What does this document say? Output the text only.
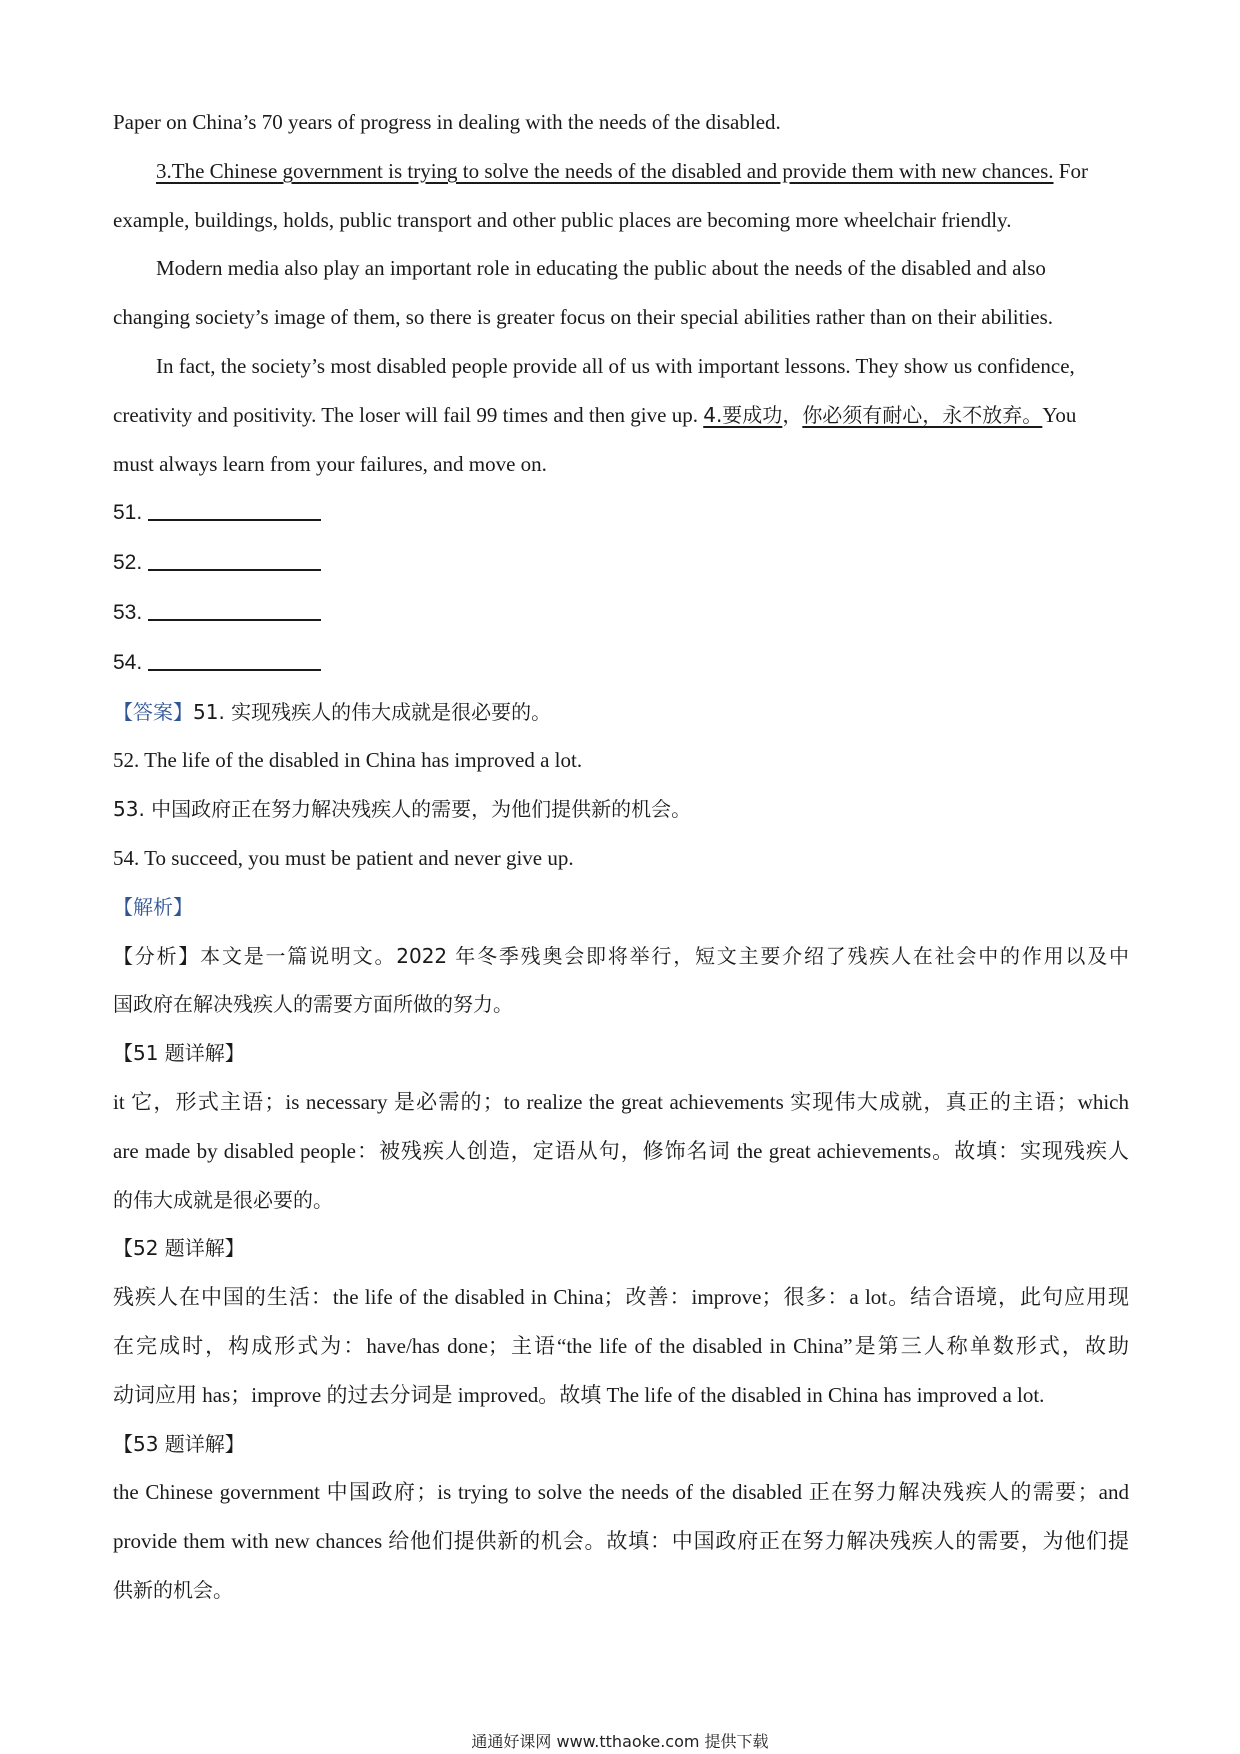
Paper on China’s 70 years of progress in dealing with the needs of the disabled.

3.The Chinese government is trying to solve the needs of the disabled and provide them with new chances. For

example, buildings, holds, public transport and other public places are becoming more wheelchair friendly.

Modern media also play an important role in educating the public about the needs of the disabled and also

changing society’s image of them, so there is greater focus on their special abilities rather than on their abilities.

In fact, the society’s most disabled people provide all of us with important lessons. They show us confidence,

creativity and positivity. The loser will fail 99 times and then give up. 4.要成功，你必须有耐心，永不放弃。You

must always learn from your failures, and move on.

51.

52.

53.

54.

【答案】51. 实现残疾人的伟大成就是很必要的。

52. The life of the disabled in China has improved a lot.

53. 中国政府正在努力解决残疾人的需要，为他们提供新的机会。

54. To succeed, you must be patient and never give up.

【解析】

【分析】本文是一篇说明文。2022 年冬季残奥会即将举行，短文主要介绍了残疾人在社会中的作用以及中

国政府在解决残疾人的需要方面所做的努力。

【51 题详解】

it 它，形式主语；is necessary 是必需的；to realize the great achievements 实现伟大成就，真正的主语；which

are made by disabled people：被残疾人创造，定语从句，修饰名词 the great achievements。故填：实现残疾人

的伟大成就是很必要的。

【52 题详解】

残疾人在中国的生活：the life of the disabled in China；改善：improve；很多：a lot。结合语境，此句应用现

在完成时，构成形式为：have/has done；主语“the life of the disabled in China”是第三人称单数形式，故助

动词应用 has；improve 的过去分词是 improved。故填 The life of the disabled in China has improved a lot.

【53 题详解】

the Chinese government 中国政府；is trying to solve the needs of the disabled 正在努力解决残疾人的需要；and

provide them with new chances 给他们提供新的机会。故填：中国政府正在努力解决残疾人的需要，为他们提

供新的机会。

通通好课网 www.tthaoke.com 提供下载
